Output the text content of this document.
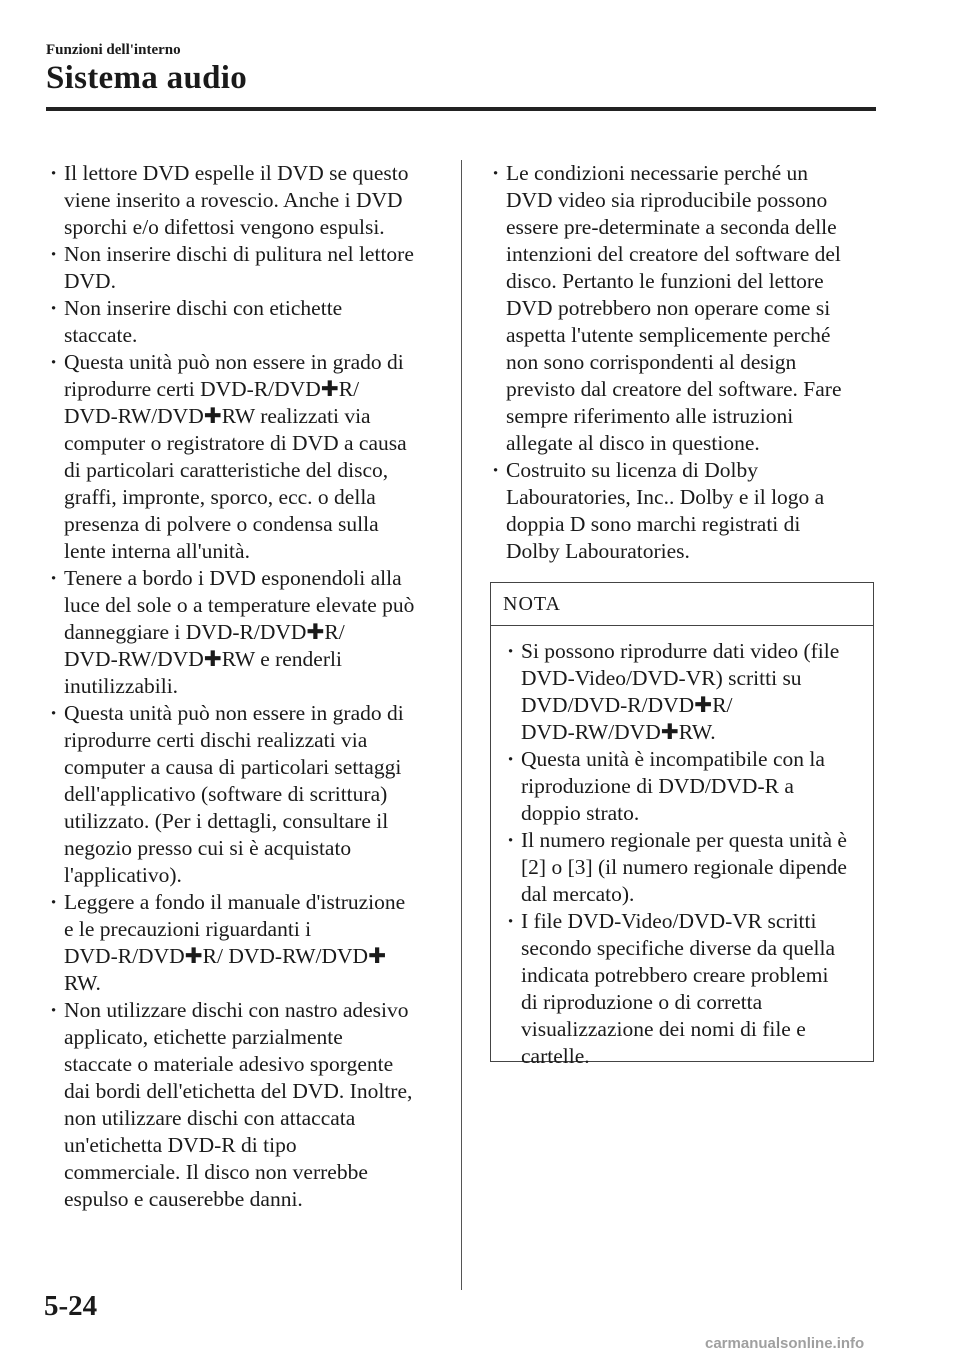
Funzioni dell'interno
Sistema audio
· Il lettore DVD espelle il DVD se questo
viene inserito a rovescio. Anche i DVD
sporchi e/o difettosi vengono espulsi.
· Non inserire dischi di pulitura nel lettore
DVD.
· Non inserire dischi con etichette
staccate.
· Questa unità può non essere in grado di
riprodurre certi DVD-R/DVD✚R/
DVD-RW/DVD✚RW realizzati via
computer o registratore di DVD a causa
di particolari caratteristiche del disco,
graffi, impronte, sporco, ecc. o della
presenza di polvere o condensa sulla
lente interna all'unità.
· Tenere a bordo i DVD esponendoli alla
luce del sole o a temperature elevate può
danneggiare i DVD-R/DVD✚R/
DVD-RW/DVD✚RW e renderli
inutilizzabili.
· Questa unità può non essere in grado di
riprodurre certi dischi realizzati via
computer a causa di particolari settaggi
dell'applicativo (software di scrittura)
utilizzato. (Per i dettagli, consultare il
negozio presso cui si è acquistato
l'applicativo).
· Leggere a fondo il manuale d'istruzione
e le precauzioni riguardanti i
DVD-R/DVD✚R/ DVD-RW/DVD✚
RW.
· Non utilizzare dischi con nastro adesivo
applicato, etichette parzialmente
staccate o materiale adesivo sporgente
dai bordi dell'etichetta del DVD. Inoltre,
non utilizzare dischi con attaccata
un'etichetta DVD-R di tipo
commerciale. Il disco non verrebbe
espulso e causerebbe danni.
· Le condizioni necessarie perché un
DVD video sia riproducibile possono
essere pre-determinate a seconda delle
intenzioni del creatore del software del
disco. Pertanto le funzioni del lettore
DVD potrebbero non operare come si
aspetta l'utente semplicemente perché
non sono corrispondenti al design
previsto dal creatore del software. Fare
sempre riferimento alle istruzioni
allegate al disco in questione.
· Costruito su licenza di Dolby
Labouratories, Inc.. Dolby e il logo a
doppia D sono marchi registrati di
Dolby Labouratories.
NOTA
· Si possono riprodurre dati video (file
DVD-Video/DVD-VR) scritti su
DVD/DVD-R/DVD✚R/
DVD-RW/DVD✚RW.
· Questa unità è incompatibile con la
riproduzione di DVD/DVD-R a
doppio strato.
· Il numero regionale per questa unità è
[2] o [3] (il numero regionale dipende
dal mercato).
· I file DVD-Video/DVD-VR scritti
secondo specifiche diverse da quella
indicata potrebbero creare problemi
di riproduzione o di corretta
visualizzazione dei nomi di file e
cartelle.
5-24
carmanualsonline.info
